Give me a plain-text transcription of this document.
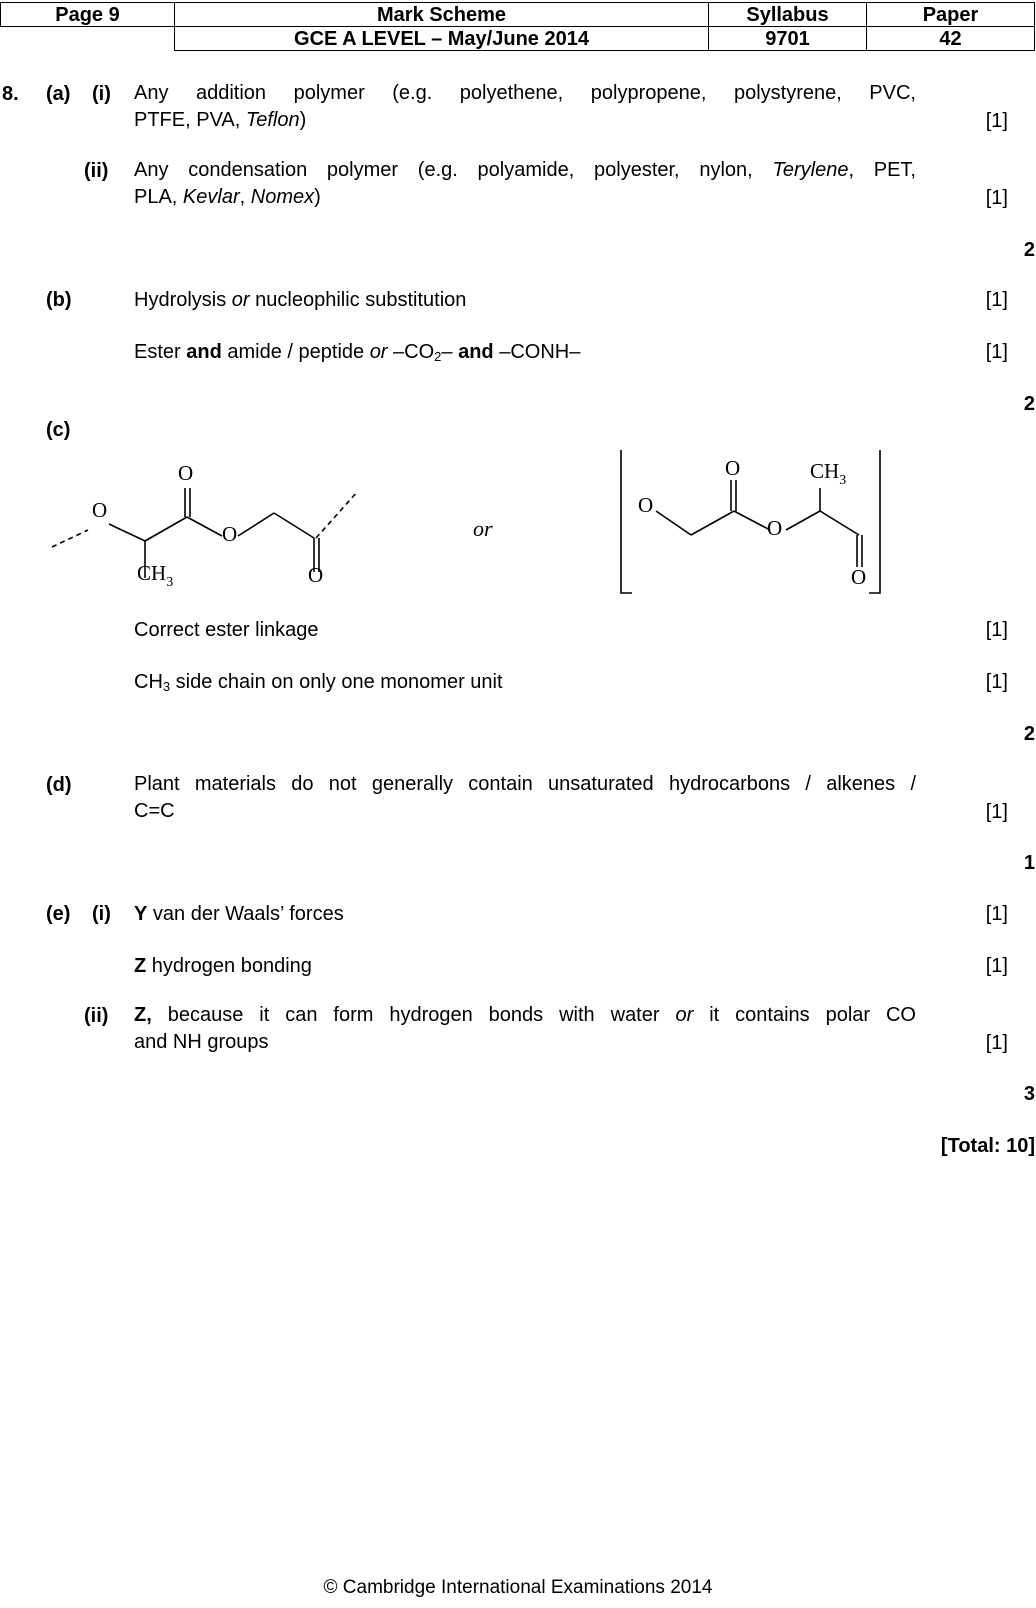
Page 9	Mark Scheme	Syllabus	Paper
	GCE A LEVEL – May/June 2014	9701	42
8. (a) (i) Any addition polymer (e.g. polyethene, polypropene, polystyrene, PVC,
PTFE, PVA, Teflon)	[1]
(ii) Any condensation polymer (e.g. polyamide, polyester, nylon, Terylene, PET,
PLA, Kevlar, Nomex)	[1]
2
(b)	Hydrolysis or nucleophilic substitution	[1]
Ester and amide / peptide or $-CO_2-$ and –CONH–	[1]
2
(c)
O
O
O
O
$CH_3$
or
O
O
O
O
$CH_3$
Correct ester linkage	[1]
$CH_3$ side chain on only one monomer unit	[1]
2
(d)	Plant materials do not generally contain unsaturated hydrocarbons / alkenes /
C=C	[1]
1
(e) (i) Y van der Waals’ forces	[1]
Z hydrogen bonding	[1]
(ii) Z, because it can form hydrogen bonds with water or it contains polar CO
and NH groups	[1]
3
[Total: 10]
© Cambridge International Examinations 2014
